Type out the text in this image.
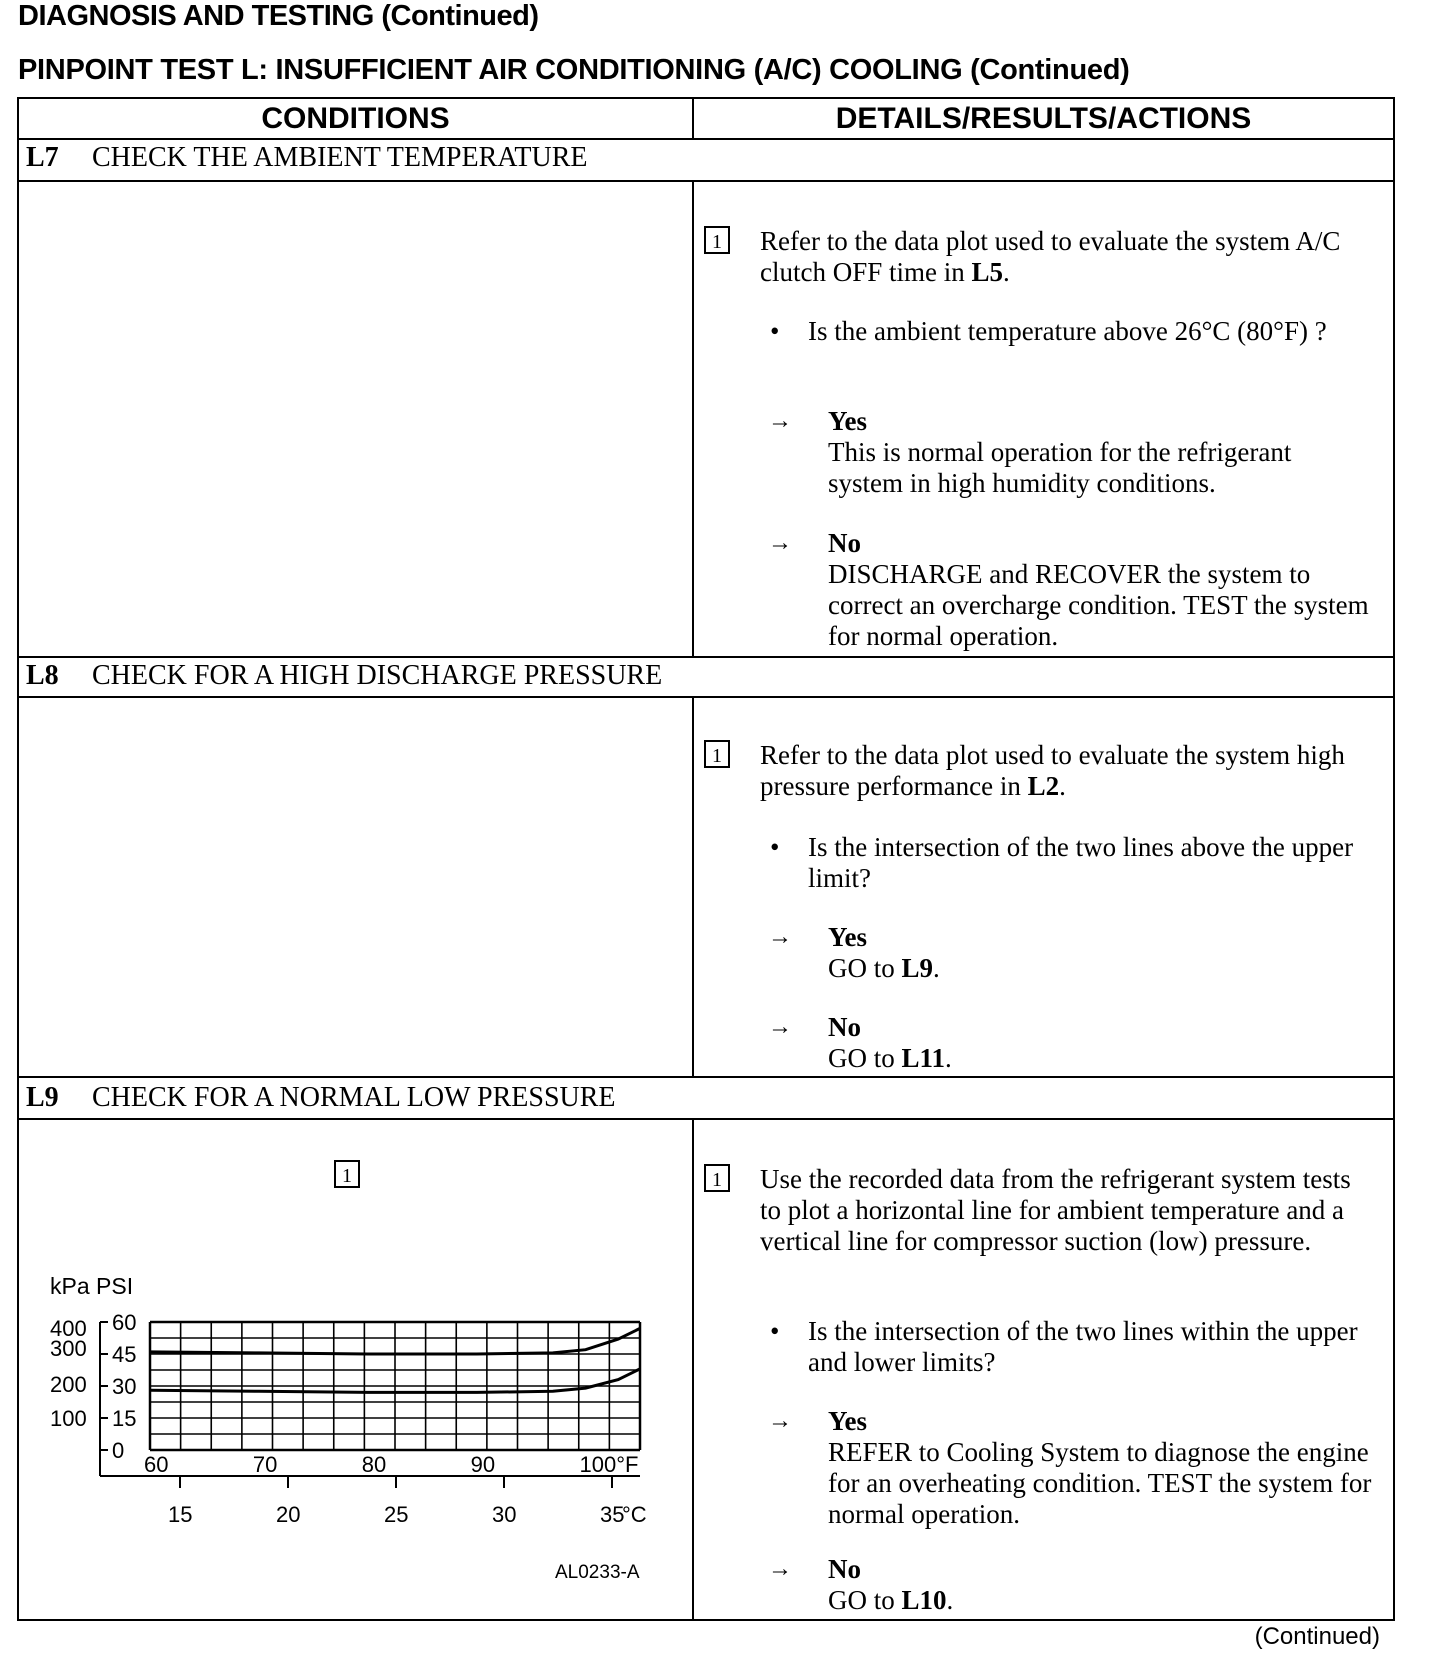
DIAGNOSIS AND TESTING (Continued)
PINPOINT TEST L: INSUFFICIENT AIR CONDITIONING (A/C) COOLING (Continued)
CONDITIONS	DETAILS/RESULTS/ACTIONS
L7 CHECK THE AMBIENT TEMPERATURE
1 Refer to the data plot used to evaluate the system A/C clutch OFF time in L5.
• Is the ambient temperature above 26°C (80°F) ?
→ Yes
This is normal operation for the refrigerant system in high humidity conditions.
→ No
DISCHARGE and RECOVER the system to correct an overcharge condition. TEST the system for normal operation.
L8 CHECK FOR A HIGH DISCHARGE PRESSURE
1 Refer to the data plot used to evaluate the system high pressure performance in L2.
• Is the intersection of the two lines above the upper limit?
→ Yes
GO to L9.
→ No
GO to L11.
L9 CHECK FOR A NORMAL LOW PRESSURE
1
kPa PSI
60
45
30
15
0
400
300
200
100
60	70	80	90	100°F
15	20	25	30	35
°C
AL0233-A
1 Use the recorded data from the refrigerant system tests to plot a horizontal line for ambient temperature and a vertical line for compressor suction (low) pressure.
• Is the intersection of the two lines within the upper and lower limits?
→ Yes
REFER to Cooling System to diagnose the engine for an overheating condition. TEST the system for normal operation.
→ No
GO to L10.
(Continued)
